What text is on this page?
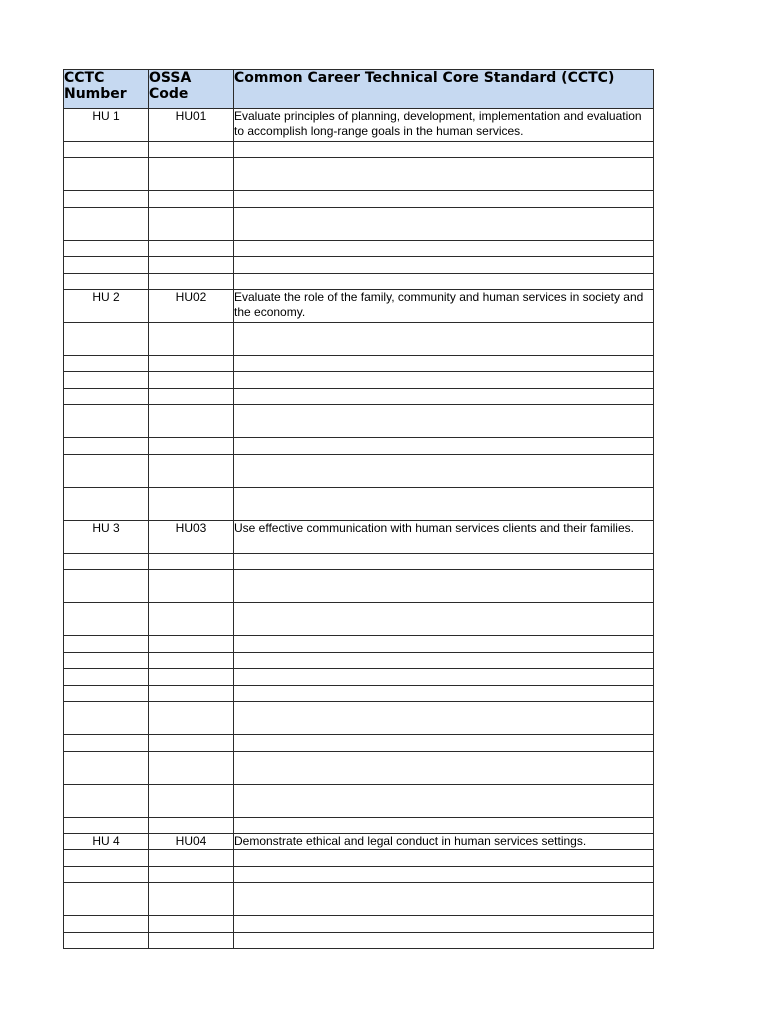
CCTC Number	OSSA Code	Common Career Technical Core Standard (CCTC)
HU 1	HU01	Evaluate principles of planning, development, implementation and evaluation to accomplish long-range goals in the human services.

HU 2	HU02	Evaluate the role of the family, community and human services in society and the economy.

HU 3	HU03	Use effective communication with human services clients and their families.

HU 4	HU04	Demonstrate ethical and legal conduct in human services settings.
